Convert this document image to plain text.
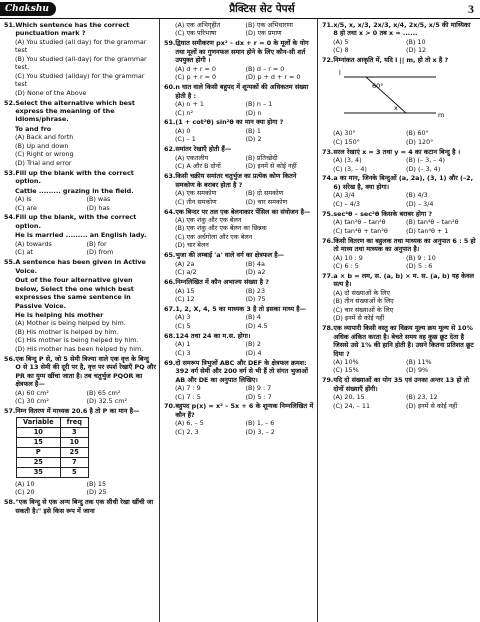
Chakshu	प्रैक्टिस सेट पेपर्स	3
51. Which sentence has the correct punctuation mark ?
(A) You studied (all day) for the grammar test
(B) You studied (all-day) for the grammar test.
(C) You studied (allday) for the grammar test
(D) None of the Above
52. Select the alternative which best express the meaning of the idioms/phrase.
To and fro
(A) Back and forth
(B) Up and down
(C) Right or wrong
(D) Trial and error
53. Fill up the blank with the correct option.
Cattle ......... grazing in the field.
(A) is	(B) was
(C) are	(D) has
54. Fill up the blank, with the correct option.
He is married ......... an English lady.
(A) towards	(B) for
(C) at	(D) from
55. A sentence has been given in Active Voice.
Out of the four alternative given below, Select the one which best expresses the same sentence in Passive Voice.
He is helping his mother
(A) Mother is being helped by him.
(B) His mother is helped by him.
(C) His mother is being helped by him.
(D) His mother has been helped by him.
56. एक बिन्दु P से, जो 5 सेमी त्रिज्या वाले एक वृत्त के बिन्दु O से 13 सेमी की दूरी पर है, वृत्त पर स्पर्श रेखाएँ PQ और PR का युग्म खींचा जाता है। तब चतुर्भुज PQOR का क्षेत्रफल है—
(A) 60 cm²	(B) 65 cm²
(C) 30 cm²	(D) 32.5 cm²
57. निम्न वितरण में माध्यक 20.6 है तो P का मान है—
Variable	freq
10	3
15	10
P	25
25	7
35	5
(A) 10	(B) 15
(C) 20	(D) 25
58. "एक बिन्दु से एक अन्य बिन्दु तक एक सीधी रेखा खींची जा सकती है।" इसे किस रूप में जाना
(A) एक अभिगृहीत	(B) एक अभिधारणा
(C) एक परिभाषा	(D) एक प्रमाण
59. द्विघात समीकरण px² – dx + r = 0 के मूलों के योग तथा मूलों का गुणनफल समान होने के लिए कौन-सी शर्त उपयुक्त होगी ।
(A) d + r = 0	(B) d – r = 0
(C) p + r = 0	(D) p + d + r = 0
60. n घात वाले किसी बहुपद में शून्यकों की अधिकतम संख्या होती है :
(A) n + 1	(B) n – 1
(C) n²	(D) n
61. (1 + cot²θ) sin²θ का मान क्या होगा ?
(A) 0	(B) 1
(C) – 1	(D) 2
62. समांतर रेखाएँ होती हैं—
(A) एकतलीय	(B) प्रतिच्छेदी
(C) A और B दोनों	(D) इनमें से कोई नहीं
63. किसी चक्रीय समांतर चतुर्भुज का प्रत्येक कोण कितने समकोण के बराबर होता है ?
(A) एक समकोण	(B) दो समकोण
(C) तीन समकोण	(D) चार समकोण
64. एक बिन्दर पर तल एक बेलनाकार पेंसिल का संयोजन है—
(A) एक शंकु और एक बेलन
(B) एक शंकु और एक बेलन का छिन्नक
(C) एक अर्धगोला और एक बेलन
(D) चार बेलन
65. भुजा की लम्बाई 'a' वाले वर्ग का क्षेत्रफल है—
(A) 2a	(B) 4a
(C) a/2	(D) a2
66. निम्नलिखित में कौन अभाज्य संख्या है ?
(A) 15	(B) 23
(C) 12	(D) 75
67. 1, 2, X, 4, 5 का माध्यक 3 है तो इसका माध्य है—
(A) 3	(B) 4
(C) 5	(D) 4.5
68. 124 तथा 24 का म.स. होगा।
(A) 1	(B) 2
(C) 3	(D) 4
69. दो समरूप त्रिभुजों ABC और DEF के क्षेत्रफल क्रमश: 392 वर्ग सेमी और 200 वर्ग से भी हैं तो संगत भुजाओं AB और DE का अनुपात लिखिए।
(A) 7 : 9	(B) 9 : 7
(C) 7 : 5	(D) 5 : 7
70. बहुपद p(x) = x² – 5x + 6 के शून्यक निम्नलिखित में कौन हैं?
(A) 6, – 5	(B) 1, – 6
(C) 2, 3	(D) 3, – 2
71. x/5, x, x/3, 2x/3, x/4, 2x/5, x/5 की माध्यिका 8 हो तथा x > 0 तब x = ......
(A) 5	(B) 10
(C) 8	(D) 12
72. निम्नांकत आकृति में, यदि l || m, हो तो x है ?
l
m
60°
x
(A) 30°	(B) 60°
(C) 150°	(D) 120°
73. सरल रेखाएं x = 3 तथा y = 4 का कटान बिन्दु है ।
(A) (3, 4)	(B) (– 3, – 4)
(C) (3, – 4)	(D) (– 3, 4)
74. a का मान, जिनके बिन्दुओं (a, 2a), (3, 1) और (–2, 6) संरेख है, क्या होगा।
(A) 3/4	(B) 4/3
(C) – 4/3	(D) – 3/4
75. sec⁴θ – sec²θ किसके बराबर होगा ?
(A) tan²θ – tan⁴θ	(B) tan⁴θ – tan²θ
(C) tan⁴θ + tan²θ	(D) tan⁴θ + 1
76. किसी वितरण का बहुलक तथा माध्यक का अनुपात 6 : 5 हो तो माध्य तथा माध्यक का अनुपात है।
(A) 10 : 9	(B) 9 : 10
(C) 6 : 5	(D) 5 : 6
77. a × b = लम, स. (a, b) × म. स. (a, b) यह केवल सत्य है।
(A) दो संख्याओं के लिए
(B) तीन संख्याओं के लिए
(C) चार संख्याओं के लिए
(D) इनमें से कोई नहीं
78. एक व्यापारी किसी वस्तु का विक्रय मूल्य क्रय मूल्य से 10% अधिक अंकित करता है। बेचते समय वह कुछ छूट देता है जिससे उसे 1% की हानि होती है। उसने कितना प्रतिशत छूट दिया ?
(A) 10%	(B) 11%
(C) 15%	(D) 9%
79. यदि दो संख्याओं का योग 35 एवं उनका अन्तर 13 हो तो दोनों संख्याएँ होंगी।
(A) 20, 15	(B) 23, 12
(C) 24, – 11	(D) इनमें से कोई नहीं
